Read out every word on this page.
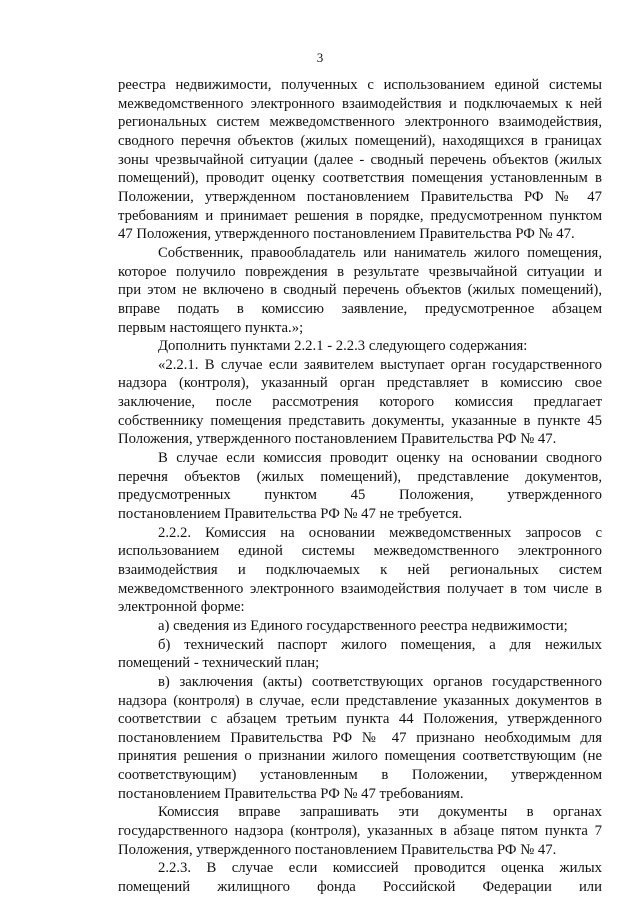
3
реестра недвижимости, полученных с использованием единой системы
межведомственного электронного взаимодействия и подключаемых к ней
региональных систем межведомственного электронного взаимодействия,
сводного перечня объектов (жилых помещений), находящихся в границах
зоны чрезвычайной ситуации (далее - сводный перечень объектов (жилых
помещений), проводит оценку соответствия помещения установленным в
Положении, утвержденном постановлением Правительства РФ № 47
требованиям и принимает решения в порядке, предусмотренном пунктом
47 Положения, утвержденного постановлением Правительства РФ № 47.
Собственник, правообладатель или наниматель жилого помещения,
которое получило повреждения в результате чрезвычайной ситуации и
при этом не включено в сводный перечень объектов (жилых помещений),
вправе подать в комиссию заявление, предусмотренное абзацем
первым настоящего пункта.»;
Дополнить пунктами 2.2.1 - 2.2.3 следующего содержания:
«2.2.1. В случае если заявителем выступает орган государственного
надзора (контроля), указанный орган представляет в комиссию свое
заключение, после рассмотрения которого комиссия предлагает
собственнику помещения представить документы, указанные в пункте 45
Положения, утвержденного постановлением Правительства РФ № 47.
В случае если комиссия проводит оценку на основании сводного
перечня объектов (жилых помещений), представление документов,
предусмотренных пунктом 45 Положения, утвержденного
постановлением Правительства РФ № 47 не требуется.
2.2.2. Комиссия на основании межведомственных запросов с
использованием единой системы межведомственного электронного
взаимодействия и подключаемых к ней региональных систем
межведомственного электронного взаимодействия получает в том числе в
электронной форме:
а) сведения из Единого государственного реестра недвижимости;
б) технический паспорт жилого помещения, а для нежилых
помещений - технический план;
в) заключения (акты) соответствующих органов государственного
надзора (контроля) в случае, если представление указанных документов в
соответствии с абзацем третьим пункта 44 Положения, утвержденного
постановлением Правительства РФ № 47 признано необходимым для
принятия решения о признании жилого помещения соответствующим (не
соответствующим) установленным в Положении, утвержденном
постановлением Правительства РФ № 47 требованиям.
Комиссия вправе запрашивать эти документы в органах
государственного надзора (контроля), указанных в абзаце пятом пункта 7
Положения, утвержденного постановлением Правительства РФ № 47.
2.2.3. В случае если комиссией проводится оценка жилых
помещений жилищного фонда Российской Федерации или
